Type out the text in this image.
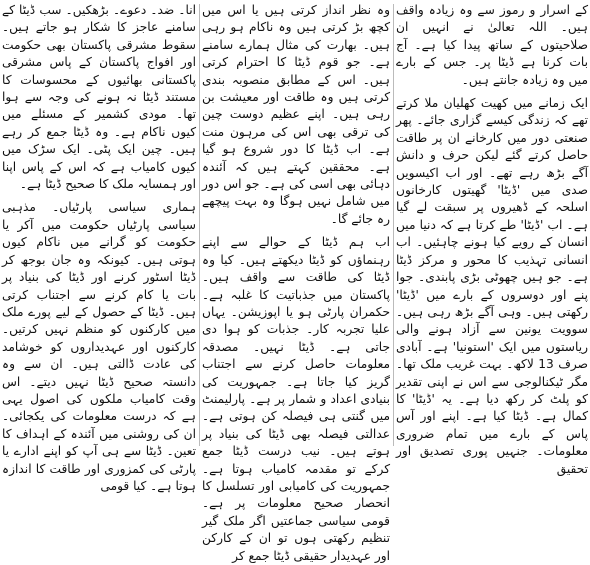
کے اسرار و رموز سے وہ زیادہ واقف ہیں۔ اللہ تعالیٰ نے انہیں ان صلاحیتوں کے ساتھ پیدا کیا ہے۔ آج بات کرنا ہے ڈیٹا پر۔ جس کے بارے میں وہ زیادہ جانتے ہیں۔

ایک زمانے میں کھیت کھلیان ملا کرتے تھے کہ زندگی کیسے گزاری جائے۔ پھر صنعتی دور میں کارخانے ان پر طاقت حاصل کرتے گئے لیکن حرف و دانش آگے بڑھ رہے تھے۔ اور اب اکیسویں صدی میں 'ڈیٹا' گھیتوں کارخانوں اسلحہ کے ڈھیروں پر سبقت لے گیا ہے۔ اب 'ڈیٹا' طے کرتا ہے کہ دنیا میں انسان کے رویے کیا ہونے چاہئیں۔ اب انسانی تہذیب کا محور و مرکز ڈیٹا ہے۔ جو ہیں چھوٹی بڑی پابندی۔ جوا پنے اور دوسروں کے بارے میں 'ڈیٹا' رکھتی ہیں۔ وہی آگے بڑھ رہی ہیں۔ سوویت یونین سے آزاد ہونے والی ریاستوں میں ایک 'استونیا' ہے۔ آبادی صرف 13 لاکھ۔ بہت غریب ملک تھا۔ مگر ٹیکنالوجی سے اس نے اپنی تقدیر کو پلٹ کر رکھ دیا ہے۔ یہ 'ڈیٹا' کا کمال ہے۔ ڈیٹا کیا ہے۔ اپنے اور آس پاس کے بارے میں تمام ضروری معلومات۔ جنہیں پوری تصدیق اور تحقیق

وہ نظر انداز کرتی ہیں یا اس میں کچھ بڑ کرتی ہیں وہ ناکام ہو رہی ہیں۔ بھارت کی مثال ہمارے سامنے ہے۔ جو قوم ڈیٹا کا احترام کرتی ہیں۔ اس کے مطابق منصوبہ بندی کرتی ہیں وہ طاقت اور معیشت بن رہی ہیں۔ اپنے عظیم دوست چین کی ترقی بھی اس کی مرہون منت ہے۔ اب ڈیٹا کا دور شروع ہو گیا ہے۔ محققین کہتے ہیں کہ آئندہ دہائی بھی اسی کی ہے۔ جو اس دور میں شامل نہیں ہوگا وہ بہت پیچھے رہ جائے گا۔

اب ہم ڈیٹا کے حوالے سے اپنے رہنماؤں کو ڈیٹا دیکھتے ہیں۔ کیا وہ ڈیٹا کی طاقت سے واقف ہیں۔ پاکستان میں جذباتیت کا غلبہ ہے۔ حکمران پارٹی ہو یا اپوزیشن۔ یہاں علیا تجربہ کار۔ جذبات کو ہوا دی جاتی ہے۔ ڈیٹا نہیں۔ مصدقہ معلومات حاصل کرنے سے اجتناب گریز کیا جاتا ہے۔ جمہوریت کی بنیادی اعداد و شمار پر ہے۔ پارلیمنٹ میں گنتی ہی فیصلہ کن ہوتی ہے۔ عدالتی فیصلہ بھی ڈیٹا کی بنیاد پر ہوتے ہیں۔ نیب درست ڈیٹا جمع کرکے تو مقدمہ کامیاب ہوتا ہے۔ جمہوریت کی کامیابی اور تسلسل کا انحصار صحیح معلومات پر ہے۔ قومی سیاسی جماعتیں اگر ملک گیر تنظیم رکھتی ہوں تو ان کے کارکن اور عہدیدار حقیقی ڈیٹا جمع کر

انا۔ ضد۔ دعوے۔ بڑھکیں۔ سب ڈیٹا کے سامنے عاجز کا شکار ہو جاتے ہیں۔ سقوط مشرقی پاکستان بھی حکومت اور افواج پاکستان کے پاس مشرقی پاکستانی بھائیوں کے محسوسات کا مستند ڈیٹا نہ ہونے کی وجہ سے ہوا تھا۔ مودی کشمیر کے مسئلے میں کیوں ناکام ہے۔ وہ ڈیٹا جمع کر رہے ہیں۔ چین ایک پٹی۔ ایک سڑک میں کیوں کامیاب ہے کہ اس کے پاس اپنا اور ہمسایہ ملک کا صحیح ڈیٹا ہے۔

ہماری سیاسی پارٹیاں۔ مذہبی سیاسی پارٹیاں حکومت میں آکر یا حکومت کو گرانے میں ناکام کیوں ہوتی ہیں۔ کیونکہ وہ جان بوجھ کر ڈیٹا اسٹور کرنے اور ڈیٹا کی بنیاد پر بات یا کام کرنے سے اجتناب کرتی ہیں۔ ڈیٹا کے حصول کے لیے پورے ملک میں کارکنوں کو منظم نہیں کرتیں۔ کارکنوں اور عہدیداروں کو خوشامد کی عادت ڈالتی ہیں۔ ان سے وہ دانستہ صحیح ڈیٹا نہیں دیتے۔ اس وقت کامیاب ملکوں کی اصول یہی ہے کہ درست معلومات کی یکجائی۔ ان کی روشنی میں آئندہ کے اہداف کا تعین۔ ڈیٹا سے ہی آپ کو اپنے ادارے یا پارٹی کی کمزوری اور طاقت کا اندازہ ہوتا ہے۔ کیا قومی
